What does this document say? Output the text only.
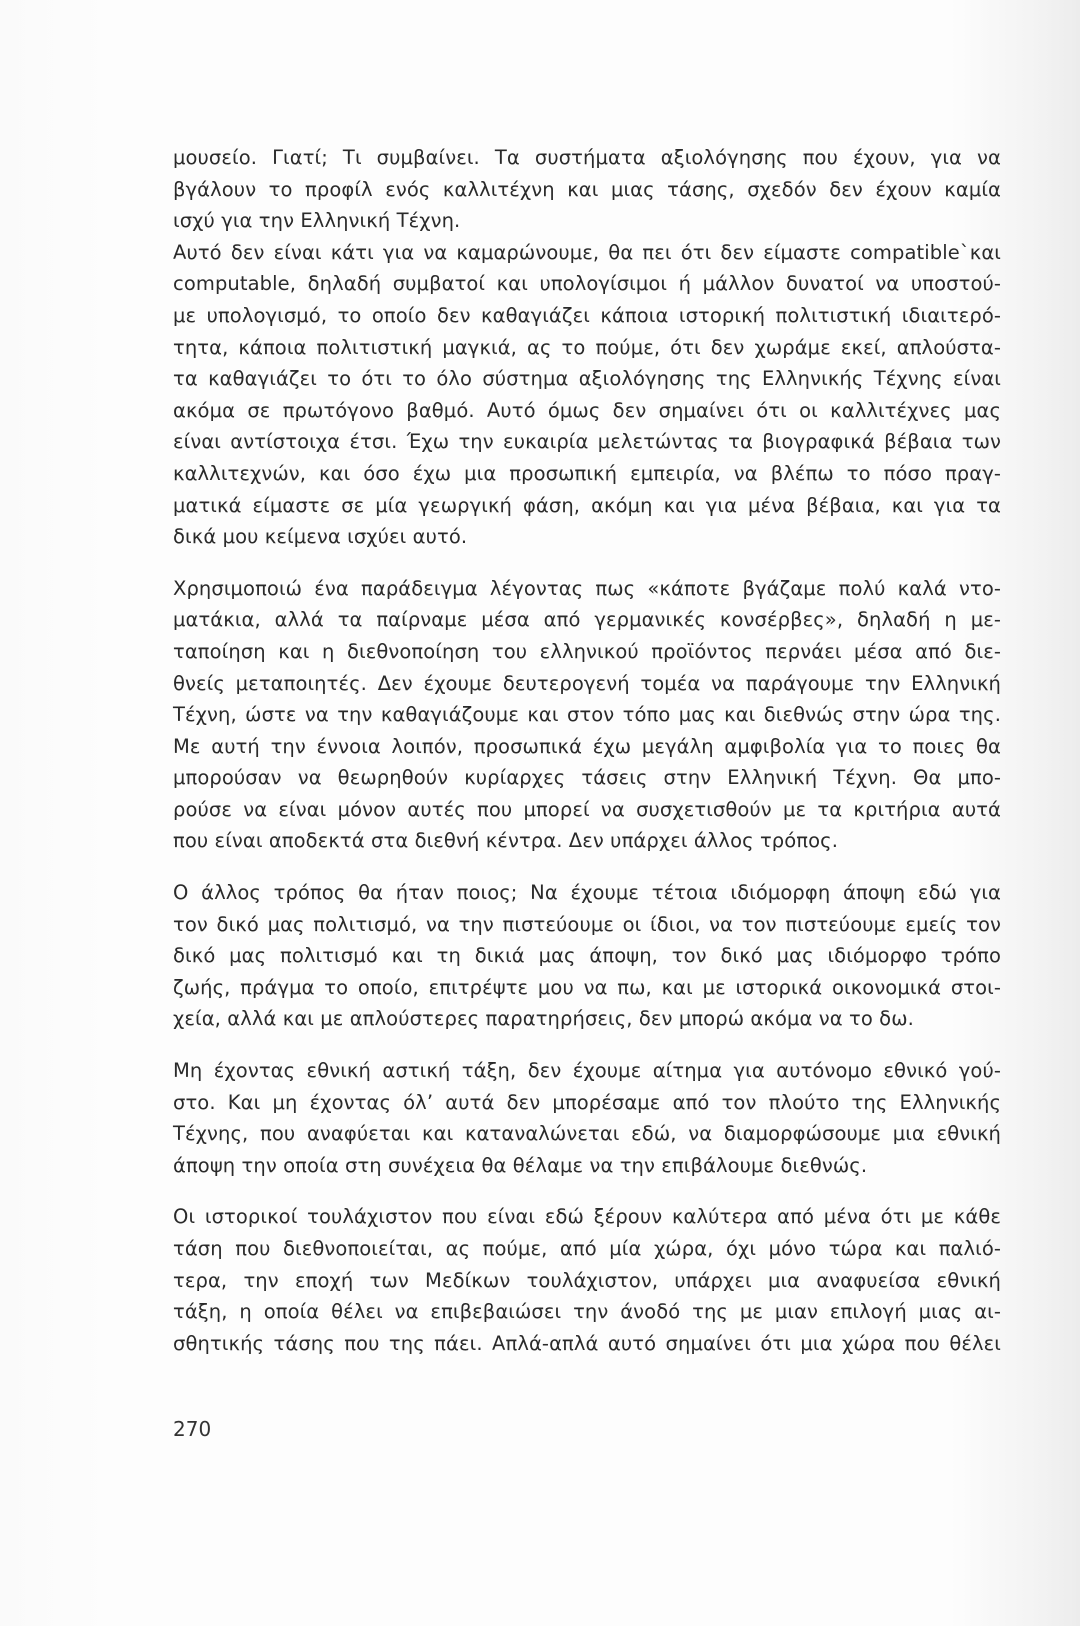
μουσείο. Γιατί; Τι συμβαίνει. Τα συστήματα αξιολόγησης που έχουν, για να
βγάλουν το προφίλ ενός καλλιτέχνη και μιας τάσης, σχεδόν δεν έχουν καμία
ισχύ για την Ελληνική Τέχνη.
Αυτό δεν είναι κάτι για να καμαρώνουμε, θα πει ότι δεν είμαστε compatible`και
computable, δηλαδή συμβατοί και υπολογίσιμοι ή μάλλον δυνατοί να υποστού-
με υπολογισμό, το οποίο δεν καθαγιάζει κάποια ιστορική πολιτιστική ιδιαιτερό-
τητα, κάποια πολιτιστική μαγκιά, ας το πούμε, ότι δεν χωράμε εκεί, απλούστα-
τα καθαγιάζει το ότι το όλο σύστημα αξιολόγησης της Ελληνικής Τέχνης είναι
ακόμα σε πρωτόγονο βαθμό. Αυτό όμως δεν σημαίνει ότι οι καλλιτέχνες μας
είναι αντίστοιχα έτσι. Έχω την ευκαιρία μελετώντας τα βιογραφικά βέβαια των
καλλιτεχνών, και όσο έχω μια προσωπική εμπειρία, να βλέπω το πόσο πραγ-
ματικά είμαστε σε μία γεωργική φάση, ακόμη και για μένα βέβαια, και για τα
δικά μου κείμενα ισχύει αυτό.
Χρησιμοποιώ ένα παράδειγμα λέγοντας πως «κάποτε βγάζαμε πολύ καλά ντο-
ματάκια, αλλά τα παίρναμε μέσα από γερμανικές κονσέρβες», δηλαδή η με-
ταποίηση και η διεθνοποίηση του ελληνικού προϊόντος περνάει μέσα από διε-
θνείς μεταποιητές. Δεν έχουμε δευτερογενή τομέα να παράγουμε την Ελληνική
Τέχνη, ώστε να την καθαγιάζουμε και στον τόπο μας και διεθνώς στην ώρα της.
Με αυτή την έννοια λοιπόν, προσωπικά έχω μεγάλη αμφιβολία για το ποιες θα
μπορούσαν να θεωρηθούν κυρίαρχες τάσεις στην Ελληνική Τέχνη. Θα μπο-
ρούσε να είναι μόνον αυτές που μπορεί να συσχετισθούν με τα κριτήρια αυτά
που είναι αποδεκτά στα διεθνή κέντρα. Δεν υπάρχει άλλος τρόπος.
Ο άλλος τρόπος θα ήταν ποιος; Να έχουμε τέτοια ιδιόμορφη άποψη εδώ για
τον δικό μας πολιτισμό, να την πιστεύουμε οι ίδιοι, να τον πιστεύουμε εμείς τον
δικό μας πολιτισμό και τη δικιά μας άποψη, τον δικό μας ιδιόμορφο τρόπο
ζωής, πράγμα το οποίο, επιτρέψτε μου να πω, και με ιστορικά οικονομικά στοι-
χεία, αλλά και με απλούστερες παρατηρήσεις, δεν μπορώ ακόμα να το δω.
Μη έχοντας εθνική αστική τάξη, δεν έχουμε αίτημα για αυτόνομο εθνικό γού-
στο. Και μη έχοντας όλ’ αυτά δεν μπορέσαμε από τον πλούτο της Ελληνικής
Τέχνης, που αναφύεται και καταναλώνεται εδώ, να διαμορφώσουμε μια εθνική
άποψη την οποία στη συνέχεια θα θέλαμε να την επιβάλουμε διεθνώς.
Οι ιστορικοί τουλάχιστον που είναι εδώ ξέρουν καλύτερα από μένα ότι με κάθε
τάση που διεθνοποιείται, ας πούμε, από μία χώρα, όχι μόνο τώρα και παλιό-
τερα, την εποχή των Μεδίκων τουλάχιστον, υπάρχει μια αναφυείσα εθνική
τάξη, η οποία θέλει να επιβεβαιώσει την άνοδό της με μιαν επιλογή μιας αι-
σθητικής τάσης που της πάει. Απλά-απλά αυτό σημαίνει ότι μια χώρα που θέλει
270
